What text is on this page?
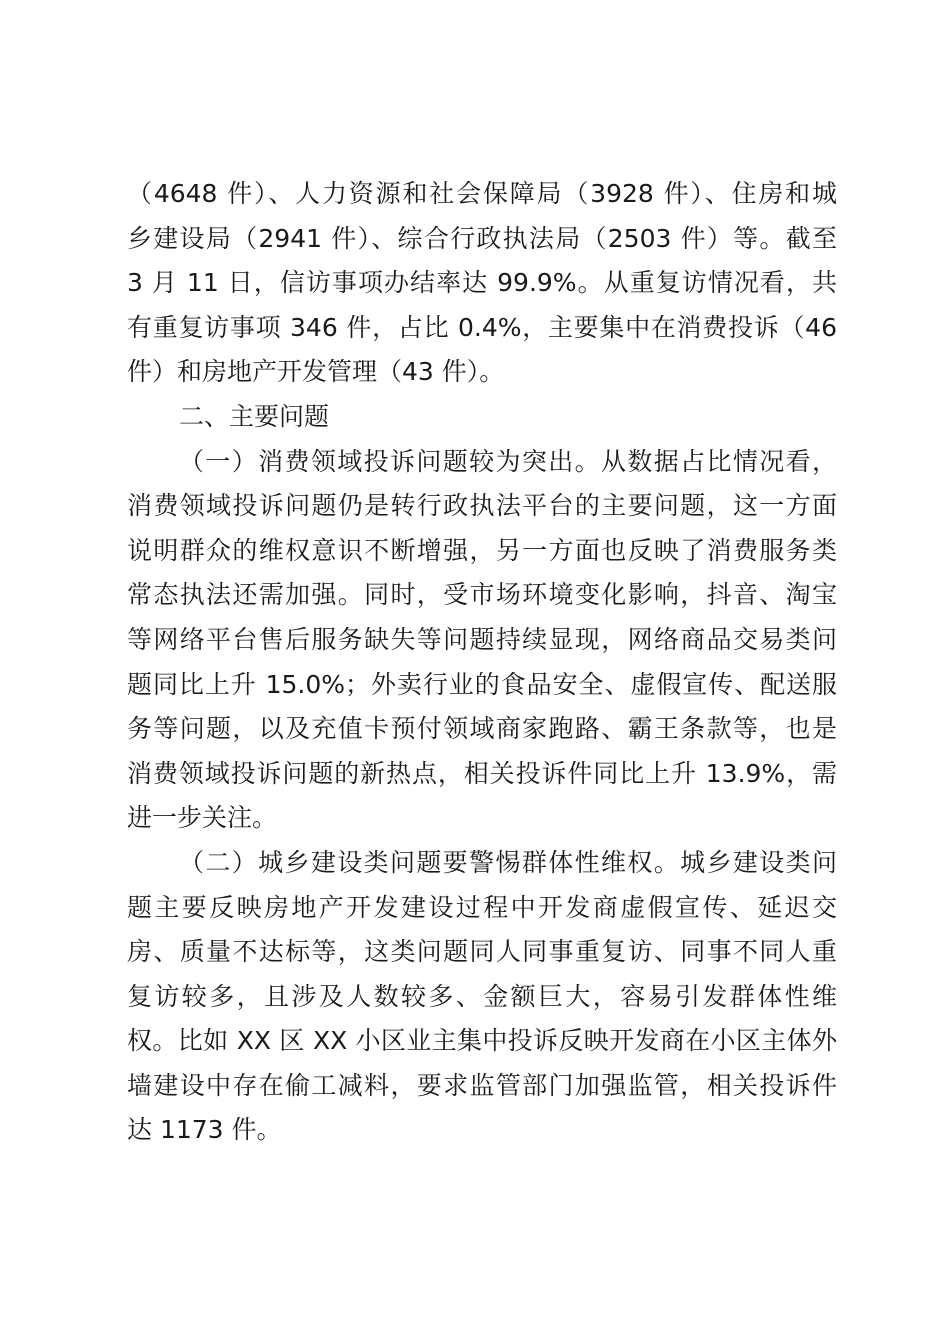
（4648 件）、人力资源和社会保障局（3928 件）、住房和城
乡建设局（2941 件）、综合行政执法局（2503 件）等。截至
3 月 11 日，信访事项办结率达 99.9%。从重复访情况看，共
有重复访事项 346 件，占比 0.4%，主要集中在消费投诉（46
件）和房地产开发管理（43 件）。
二、主要问题
（一）消费领域投诉问题较为突出。从数据占比情况看，
消费领域投诉问题仍是转行政执法平台的主要问题，这一方面
说明群众的维权意识不断增强，另一方面也反映了消费服务类
常态执法还需加强。同时，受市场环境变化影响，抖音、淘宝
等网络平台售后服务缺失等问题持续显现，网络商品交易类问
题同比上升 15.0%；外卖行业的食品安全、虚假宣传、配送服
务等问题，以及充值卡预付领域商家跑路、霸王条款等，也是
消费领域投诉问题的新热点，相关投诉件同比上升 13.9%，需
进一步关注。
（二）城乡建设类问题要警惕群体性维权。城乡建设类问
题主要反映房地产开发建设过程中开发商虚假宣传、延迟交
房、质量不达标等，这类问题同人同事重复访、同事不同人重
复访较多，且涉及人数较多、金额巨大，容易引发群体性维
权。比如 XX 区 XX 小区业主集中投诉反映开发商在小区主体外
墙建设中存在偷工减料，要求监管部门加强监管，相关投诉件
达 1173 件。
